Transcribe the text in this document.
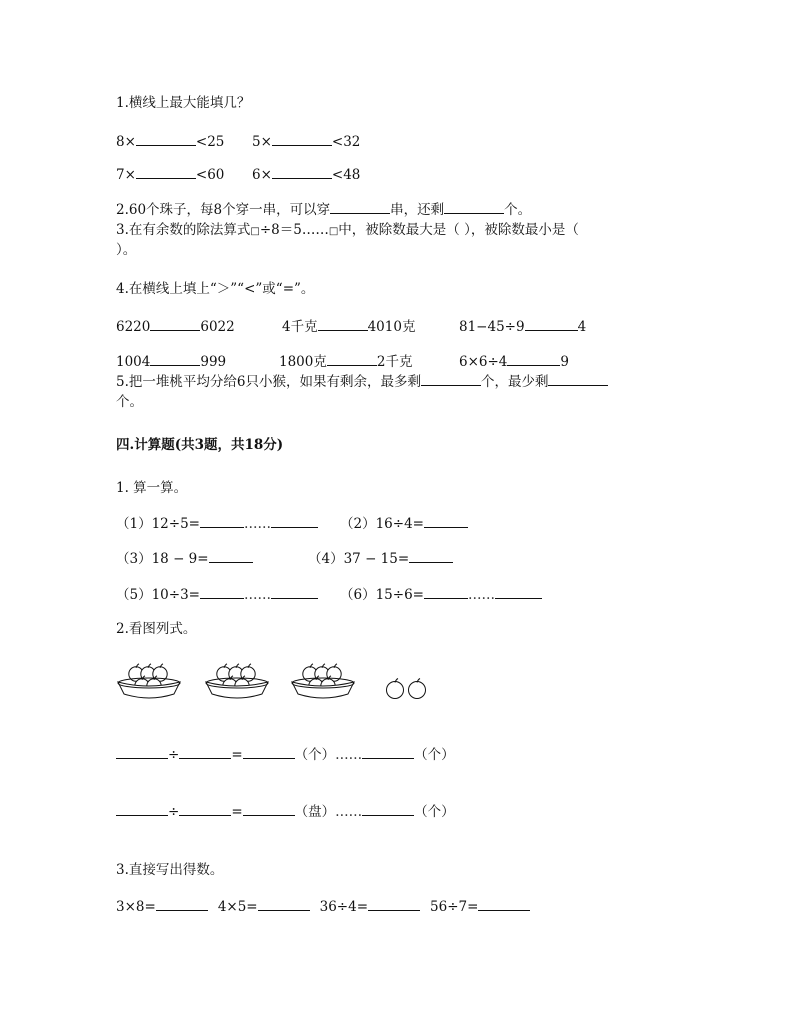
1.横线上最大能填几？
8×	<25 5×	<32
7×	<60 6×	<48
2.60个珠子，每8个穿一串，可以穿	串，还剩	个。
3.在有余数的除法算式□÷8＝5……□中，被除数最大是（ ），被除数最小是（
）。
4.在横线上填上“＞”“<”或“=”。
6220	6022	4千克	4010克	81−45÷9	4
1004	999	1800克	2千克	6×6÷4	9
5.把一堆桃平均分给6只小猴，如果有剩余，最多剩	个，最少剩
个。
四.计算题(共3题，共18分)
1. 算一算。
（1）12÷5=	……	（2）16÷4=
（3）18 − 9=	（4）37 − 15=
（5）10÷3=	……	（6）15÷6=	……
2.看图列式。
÷	=	（个）……	（个）
÷	=	（盘）……	（个）
3.直接写出得数。
3×8=	4×5=	36÷4=	56÷7=
